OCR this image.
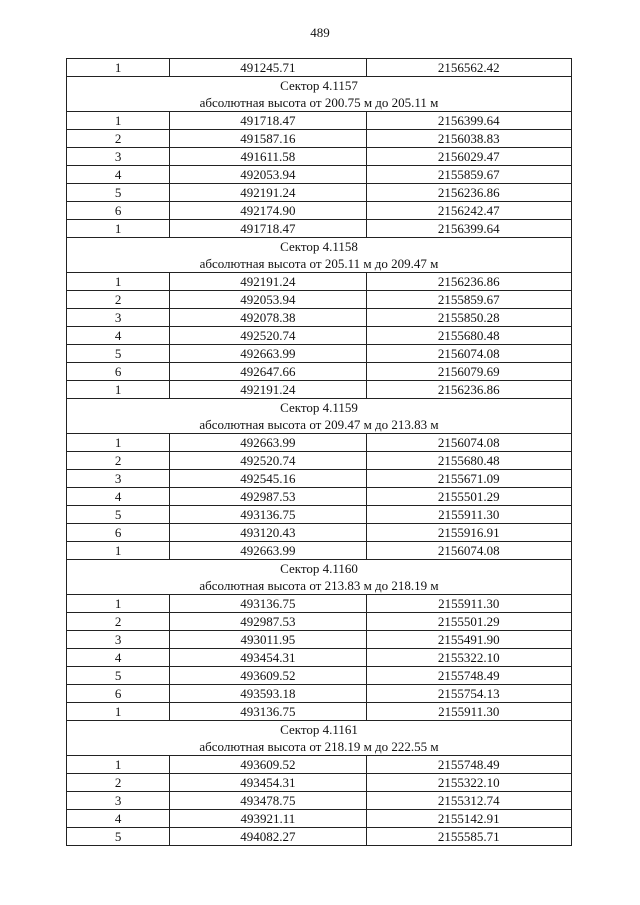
489
1	491245.71	2156562.42
Сектор 4.1157		
абсолютная высота от 200.75 м до 205.11 м		
1	491718.47	2156399.64
2	491587.16	2156038.83
3	491611.58	2156029.47
4	492053.94	2155859.67
5	492191.24	2156236.86
6	492174.90	2156242.47
1	491718.47	2156399.64
Сектор 4.1158		
абсолютная высота от 205.11 м до 209.47 м		
1	492191.24	2156236.86
2	492053.94	2155859.67
3	492078.38	2155850.28
4	492520.74	2155680.48
5	492663.99	2156074.08
6	492647.66	2156079.69
1	492191.24	2156236.86
Сектор 4.1159		
абсолютная высота от 209.47 м до 213.83 м		
1	492663.99	2156074.08
2	492520.74	2155680.48
3	492545.16	2155671.09
4	492987.53	2155501.29
5	493136.75	2155911.30
6	493120.43	2155916.91
1	492663.99	2156074.08
Сектор 4.1160		
абсолютная высота от 213.83 м до 218.19 м		
1	493136.75	2155911.30
2	492987.53	2155501.29
3	493011.95	2155491.90
4	493454.31	2155322.10
5	493609.52	2155748.49
6	493593.18	2155754.13
1	493136.75	2155911.30
Сектор 4.1161		
абсолютная высота от 218.19 м до 222.55 м		
1	493609.52	2155748.49
2	493454.31	2155322.10
3	493478.75	2155312.74
4	493921.11	2155142.91
5	494082.27	2155585.71
